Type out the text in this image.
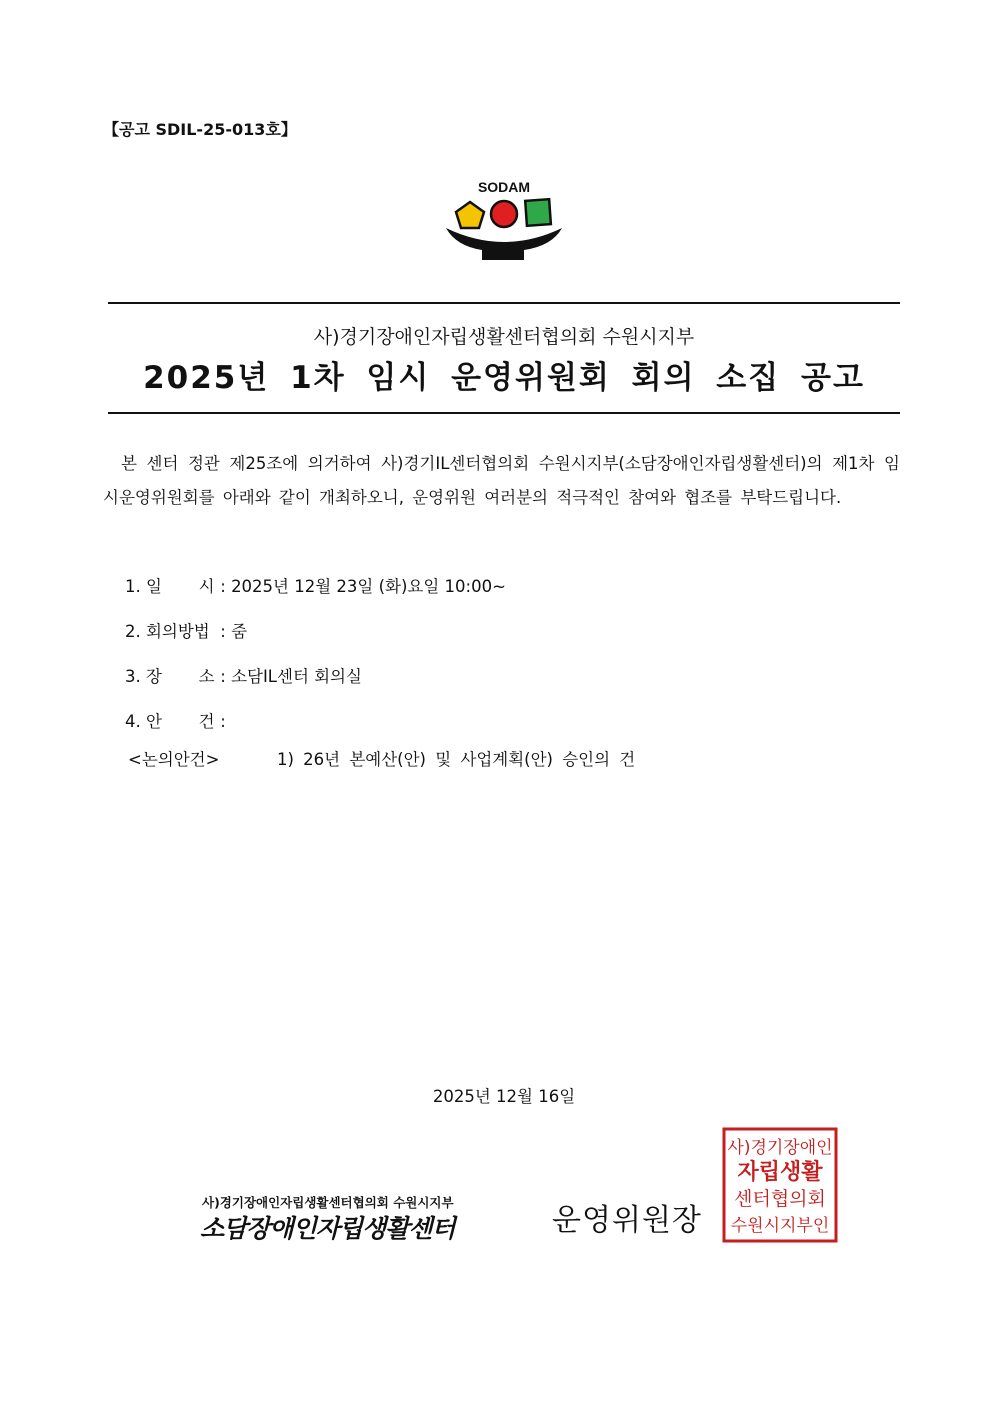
【공고 SDIL-25-013호】
SODAM
사)경기장애인자립생활센터협의회 수원시지부
2025년 1차 임시 운영위원회 회의 소집 공고
본 센터 정관 제25조에 의거하여 사)경기IL센터협의회 수원시지부(소담장애인자립생활센터)의 제1차 임시운영위원회를 아래와 같이 개최하오니, 운영위원 여러분의 적극적인 참여와 협조를 부탁드립니다.
1. 일       시 : 2025년 12월 23일 (화)요일 10:00~
2. 회의방법 : 줌
3. 장       소 : 소담IL센터 회의실
4. 안       건 :
<논의안건>	1) 26년 본예산(안) 및 사업계획(안) 승인의 건
2025년 12월 16일
사)경기장애인자립생활센터협의회 수원시지부
소담장애인자립생활센터	운영위원장
사)경기장애인
자립생활
센터협의회
수원시지부인
